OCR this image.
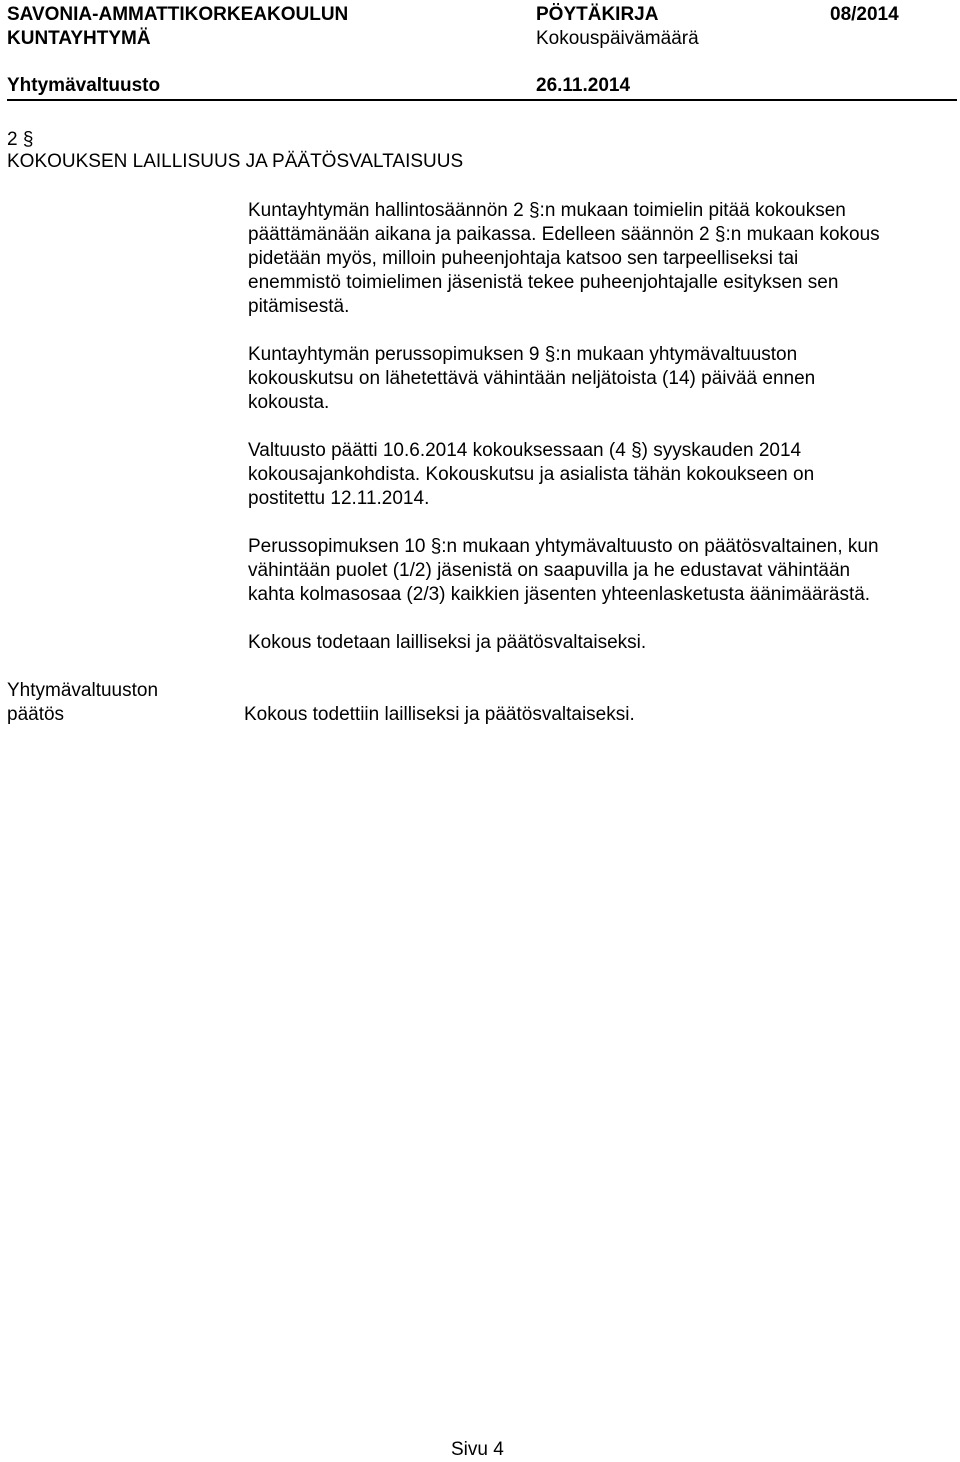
SAVONIA-AMMATTIKORKEAKOULUN
KUNTAYHTYMÄ
PÖYTÄKIRJA	08/2014
Kokouspäivämäärä
Yhtymävaltuusto	26.11.2014
2 §
KOKOUKSEN LAILLISUUS JA PÄÄTÖSVALTAISUUS
Kuntayhtymän hallintosäännön 2 §:n mukaan toimielin pitää kokouksen
päättämänään aikana ja paikassa. Edelleen säännön 2 §:n mukaan kokous
pidetään myös, milloin puheenjohtaja katsoo sen tarpeelliseksi tai
enemmistö toimielimen jäsenistä tekee puheenjohtajalle esityksen sen
pitämisestä.
Kuntayhtymän perussopimuksen 9 §:n mukaan yhtymävaltuuston
kokouskutsu on lähetettävä vähintään neljätoista (14) päivää ennen
kokousta.
Valtuusto päätti 10.6.2014 kokouksessaan (4 §) syyskauden 2014
kokousajankohdista. Kokouskutsu ja asialista tähän kokoukseen on
postitettu 12.11.2014.
Perussopimuksen 10 §:n mukaan yhtymävaltuusto on päätösvaltainen, kun
vähintään puolet (1/2) jäsenistä on saapuvilla ja he edustavat vähintään
kahta kolmasosaa (2/3) kaikkien jäsenten yhteenlasketusta äänimäärästä.
Kokous todetaan lailliseksi ja päätösvaltaiseksi.
Yhtymävaltuuston
päätös	Kokous todettiin lailliseksi ja päätösvaltaiseksi.
Sivu 4
